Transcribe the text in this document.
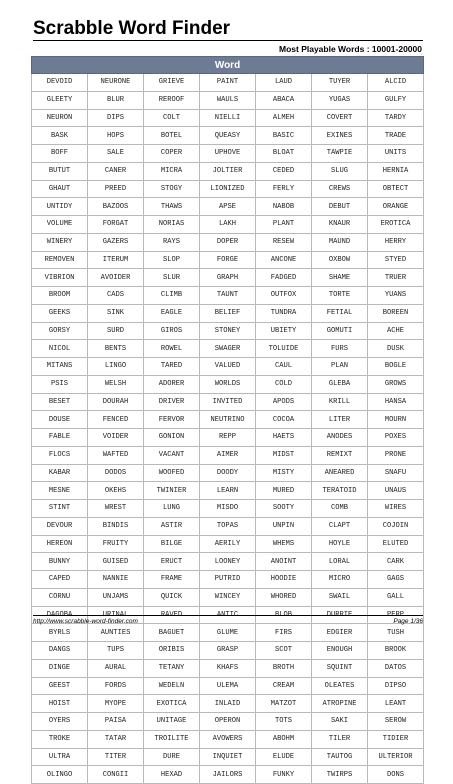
Scrabble Word Finder
Most Playable Words : 10001-20000
Word						
DEVOID	NEURONE	GRIEVE	PAINT	LAUD	TUYER	ALCID
GLEETY	BLUR	REROOF	WAULS	ABACA	YUGAS	GULFY
NEURON	DIPS	COLT	NIELLI	ALMEH	COVERT	TARDY
BASK	HOPS	BOTEL	QUEASY	BASIC	EXINES	TRADE
BOFF	SALE	COPER	UPHOVE	BLOAT	TAWPIE	UNITS
BUTUT	CANER	MICRA	JOLTIER	CEDED	SLUG	HERNIA
GHAUT	PREED	STOGY	LIONIZED	FERLY	CREWS	OBTECT
UNTIDY	BAZOOS	THAWS	APSE	NABOB	DEBUT	ORANGE
VOLUME	FORGAT	NORIAS	LAKH	PLANT	KNAUR	EROTICA
WINERY	GAZERS	RAYS	DOPER	RESEW	MAUND	HERRY
REMOVEN	ITERUM	SLOP	FORGE	ANCONE	OXBOW	STYED
VIBRION	AVOIDER	SLUR	GRAPH	FADGED	SHAME	TRUER
BROOM	CADS	CLIMB	TAUNT	OUTFOX	TORTE	YUANS
GEEKS	SINK	EAGLE	BELIEF	TUNDRA	FETIAL	BOREEN
GORSY	SURD	GIROS	STONEY	UBIETY	GOMUTI	ACHE
NICOL	BENTS	ROWEL	SWAGER	TOLUIDE	FURS	DUSK
MITANS	LINGO	TARED	VALUED	CAUL	PLAN	BOGLE
PSIS	WELSH	ADORER	WORLDS	COLD	GLEBA	GROWS
BESET	DOURAH	DRIVER	INVITED	APODS	KRILL	HANSA
DOUSE	FENCED	FERVOR	NEUTRINO	COCOA	LITER	MOURN
FABLE	VOIDER	GONION	REPP	HAETS	ANODES	POXES
FLOCS	WAFTED	VACANT	AIMER	MIDST	REMIXT	PRONE
KABAR	DODOS	WOOFED	DOODY	MISTY	ANEARED	SNAFU
MESNE	OKEHS	TWINIER	LEARN	MURED	TERATOID	UNAUS
STINT	WREST	LUNG	MISDO	SOOTY	COMB	WIRES
DEVOUR	BINDIS	ASTIR	TOPAS	UNPIN	CLAPT	COJOIN
HEREON	FRUITY	BILGE	AERILY	WHEMS	HOYLE	ELUTED
BUNNY	GUISED	ERUCT	LOONEY	ANOINT	LORAL	CARK
CAPED	NANNIE	FRAME	PUTRID	HOODIE	MICRO	GAGS
CORNU	UNJAMS	QUICK	WINCEY	WHORED	SWAIL	GALL
DAGOBA	URINAL	RAVED	ANTIC	BLOB	DURRIE	PERP
BYRLS	AUNTIES	BAGUET	GLUME	FIRS	EDGIER	TUSH
DANGS	TUPS	ORIBIS	GRASP	SCOT	ENOUGH	BROOK
DINGE	AURAL	TETANY	KHAFS	BROTH	SQUINT	DATOS
GEEST	FORDS	WEDELN	ULEMA	CREAM	OLEATES	DIPSO
HOIST	MYOPE	EXOTICA	INLAID	MATZOT	ATROPINE	LEANT
OYERS	PAISA	UNITAGE	OPERON	TOTS	SAKI	SEROW
TROKE	TATAR	TROILITE	AVOWERS	ABOHM	TILER	TIDIER
ULTRA	TITER	DURE	INQUIET	ELUDE	TAUTOG	ULTERIOR
OLINGO	CONGII	HEXAD	JAILORS	FUNKY	TWIRPS	DONS
http://www.scrabble-word-finder.com	Page 1/36
